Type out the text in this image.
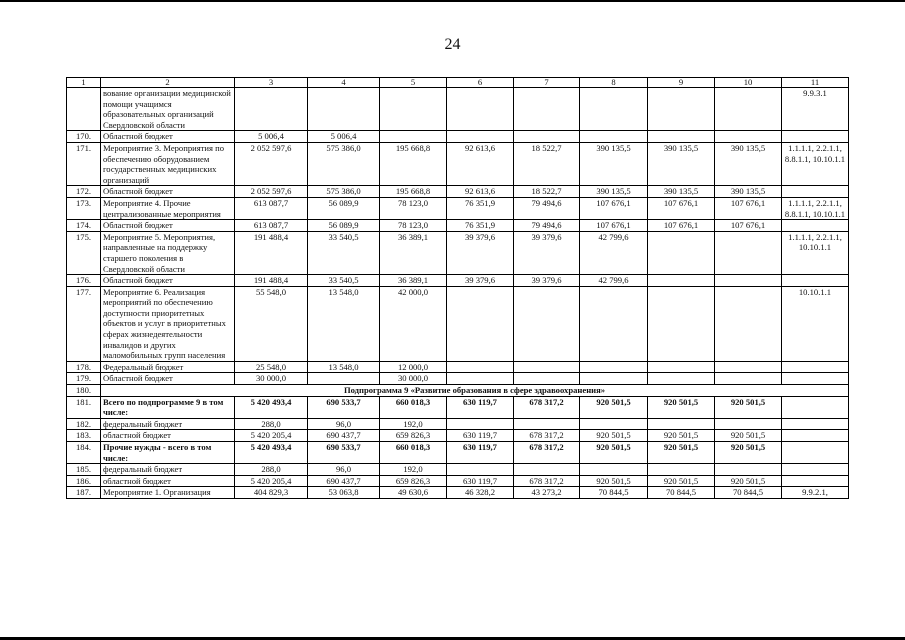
24
1	2	3	4	5	6	7	8	9	10	11
	вование организации медицинской помощи учащимся образовательных организаций Свердловской области									9.9.3.1
170.	Областной бюджет	5 006,4	5 006,4							
171.	Мероприятие 3. Мероприятия по обеспечению оборудованием государственных медицинских организаций	2 052 597,6	575 386,0	195 668,8	92 613,6	18 522,7	390 135,5	390 135,5	390 135,5	1.1.1.1, 2.2.1.1, 8.8.1.1, 10.10.1.1
172.	Областной бюджет	2 052 597,6	575 386,0	195 668,8	92 613,6	18 522,7	390 135,5	390 135,5	390 135,5	
173.	Мероприятие 4. Прочие централизованные мероприятия	613 087,7	56 089,9	78 123,0	76 351,9	79 494,6	107 676,1	107 676,1	107 676,1	1.1.1.1, 2.2.1.1, 8.8.1.1, 10.10.1.1
174.	Областной бюджет	613 087,7	56 089,9	78 123,0	76 351,9	79 494,6	107 676,1	107 676,1	107 676,1	
175.	Мероприятие 5. Мероприятия, направленные на поддержку старшего поколения в Свердловской области	191 488,4	33 540,5	36 389,1	39 379,6	39 379,6	42 799,6			1.1.1.1, 2.2.1.1, 10.10.1.1
176.	Областной бюджет	191 488,4	33 540,5	36 389,1	39 379,6	39 379,6	42 799,6			
177.	Мероприятие 6. Реализация мероприятий по обеспечению доступности приоритетных объектов и услуг в приоритетных сферах жизнедеятельности инвалидов и других маломобильных групп населения	55 548,0	13 548,0	42 000,0						10.10.1.1
178.	Федеральный бюджет	25 548,0	13 548,0	12 000,0						
179.	Областной бюджет	30 000,0		30 000,0						
180.	Подпрограмма 9 «Развитие образования в сфере здравоохранения»									
181.	Всего по подпрограмме 9 в том числе:	5 420 493,4	690 533,7	660 018,3	630 119,7	678 317,2	920 501,5	920 501,5	920 501,5	
182.	федеральный бюджет	288,0	96,0	192,0						
183.	областной бюджет	5 420 205,4	690 437,7	659 826,3	630 119,7	678 317,2	920 501,5	920 501,5	920 501,5	
184.	Прочие нужды - всего в том числе:	5 420 493,4	690 533,7	660 018,3	630 119,7	678 317,2	920 501,5	920 501,5	920 501,5	
185.	федеральный бюджет	288,0	96,0	192,0						
186.	областной бюджет	5 420 205,4	690 437,7	659 826,3	630 119,7	678 317,2	920 501,5	920 501,5	920 501,5	
187.	Мероприятие 1. Организация	404 829,3	53 063,8	49 630,6	46 328,2	43 273,2	70 844,5	70 844,5	70 844,5	9.9.2.1,
